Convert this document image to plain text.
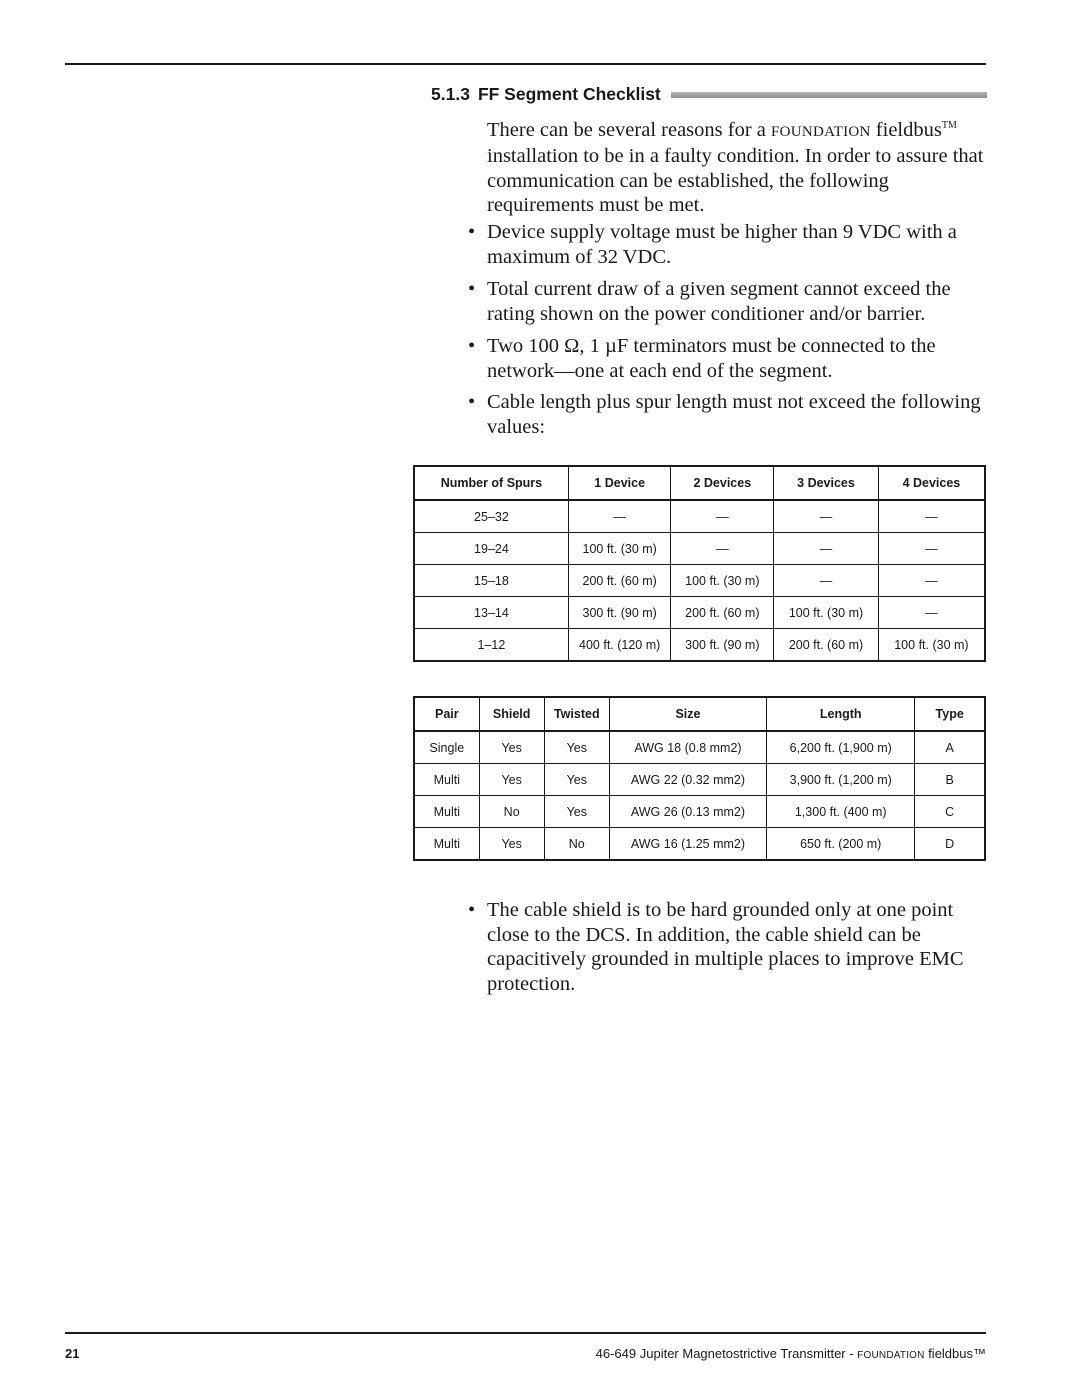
5.1.3 FF Segment Checklist
There can be several reasons for a FOUNDATION fieldbus™ installation to be in a faulty condition. In order to assure that communication can be established, the following requirements must be met.
• Device supply voltage must be higher than 9 VDC with a maximum of 32 VDC.
• Total current draw of a given segment cannot exceed the rating shown on the power conditioner and/or barrier.
• Two 100 Ω, 1 µF terminators must be connected to the network—one at each end of the segment.
• Cable length plus spur length must not exceed the following values:
Number of Spurs	1 Device	2 Devices	3 Devices	4 Devices
25–32	—	—	—	—
19–24	100 ft. (30 m)	—	—	—
15–18	200 ft. (60 m)	100 ft. (30 m)	—	—
13–14	300 ft. (90 m)	200 ft. (60 m)	100 ft. (30 m)	—
1–12	400 ft. (120 m)	300 ft. (90 m)	200 ft. (60 m)	100 ft. (30 m)
Pair	Shield	Twisted	Size	Length	Type
Single	Yes	Yes	AWG 18 (0.8 mm2)	6,200 ft. (1,900 m)	A
Multi	Yes	Yes	AWG 22 (0.32 mm2)	3,900 ft. (1,200 m)	B
Multi	No	Yes	AWG 26 (0.13 mm2)	1,300 ft. (400 m)	C
Multi	Yes	No	AWG 16 (1.25 mm2)	650 ft. (200 m)	D
• The cable shield is to be hard grounded only at one point close to the DCS. In addition, the cable shield can be capacitively grounded in multiple places to improve EMC protection.
21	46-649 Jupiter Magnetostrictive Transmitter - FOUNDATION fieldbus™
